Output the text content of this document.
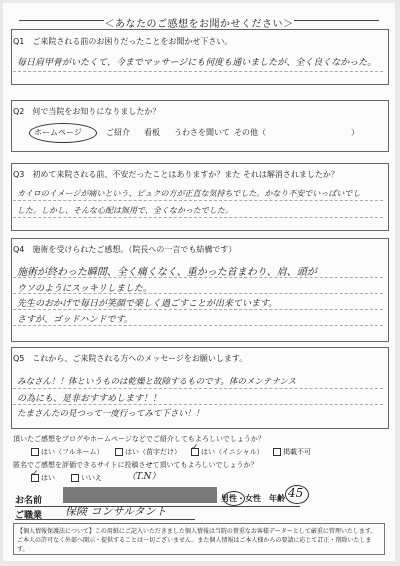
＜あなたのご感想をお聞かせください＞
Q1　ご来院される前のお困りだったことをお聞かせ下さい。
毎日肩甲骨がいたくて、今までマッサージにも何度も通いましたが、全く良くなかった。
Q2　何で当院をお知りになりましたか？
ホームページ	ご紹介 看板 うわさを聞いて その他（	）
Q3　初めて来院される前、不安だったことはありますか？また それは解消されましたか？
カイロのイメージが痛いという、ピュクの方が正直な気持ちでした。かなり不安でいっぱいでし
した。しかし、そんな心配は無用で、全くなかったでした。
Q4　施術を受けられたご感想。（院長への一言でも結構です）
施術が終わった瞬間、全く痛くなく、重かった首まわり、肩、頭が
ウソのようにスッキリしました。
先生のおかげで毎日が笑顔で楽しく過ごすことが出来ています。
さすが、ゴッドハンドです。
Q5　これから、ご来院される方へのメッセージをお願いします。
みなさん！！体というものは乾燥と故障するものです。体のメンテナンス
の為にも、是非おすすめします！！
たまさんたの見つって一度行ってみて下さい！！
頂いたご感想をブログやホームページなどでご紹介してもよろしいでしょうか？
はい（フルネーム）	はい（苗字だけ） ✓ はい（イニシャル）	掲載不可
匿名でご感想を評価できるサイトに投稿させて頂いてもよろしいでしょうか？
✓ はい	いいえ	（T.N）
お名前	男性・女性 年齢 45
ご職業 保険 コンサルタント
【個人情報保護法について】この用紙にご記入いただきました個人情報は当院の貴重なお客様データーとして厳重に管理いたします。ご本人の許可なく外部へ開示・提供することは一切ございません。また個人情報はご本人様からの要請に応じて訂正・削除いたします。
